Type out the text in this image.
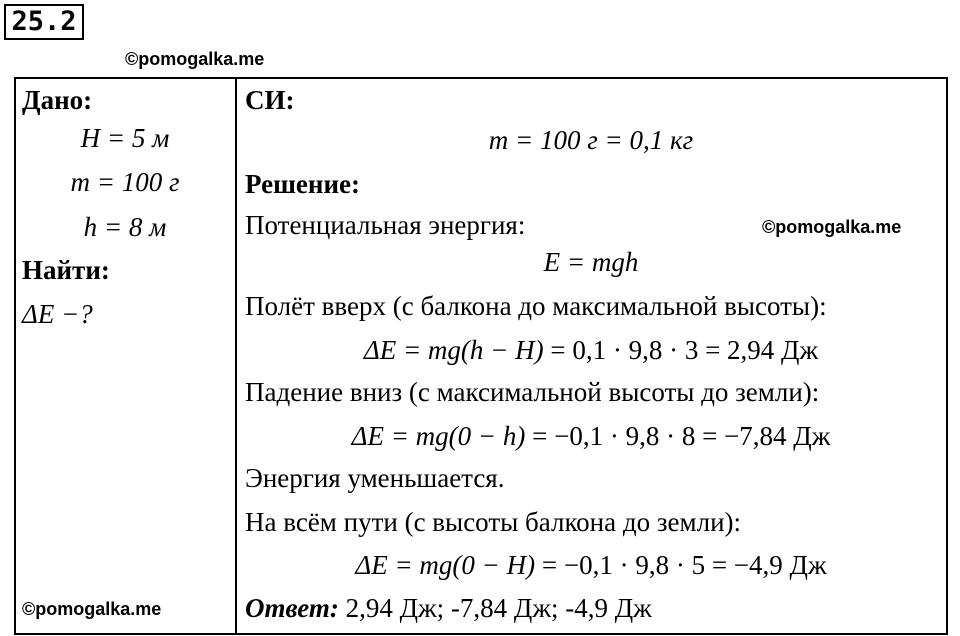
25.2
©pomogalka.me
Дано:
H = 5 м
m = 100 г
h = 8 м
Найти:
ΔE −?
©pomogalka.me
СИ:
m = 100 г = 0,1 кг
Решение:
Потенциальная энергия:	©pomogalka.me
E = mgh
Полёт вверх (с балкона до максимальной высоты):
ΔE = mg(h − H) = 0,1 · 9,8 · 3 = 2,94 Дж
Падение вниз (с максимальной высоты до земли):
ΔE = mg(0 − h) = −0,1 · 9,8 · 8 = −7,84 Дж
Энергия уменьшается.
На всём пути (с высоты балкона до земли):
ΔE = mg(0 − H) = −0,1 · 9,8 · 5 = −4,9 Дж
Ответ: 2,94 Дж; -7,84 Дж; -4,9 Дж
